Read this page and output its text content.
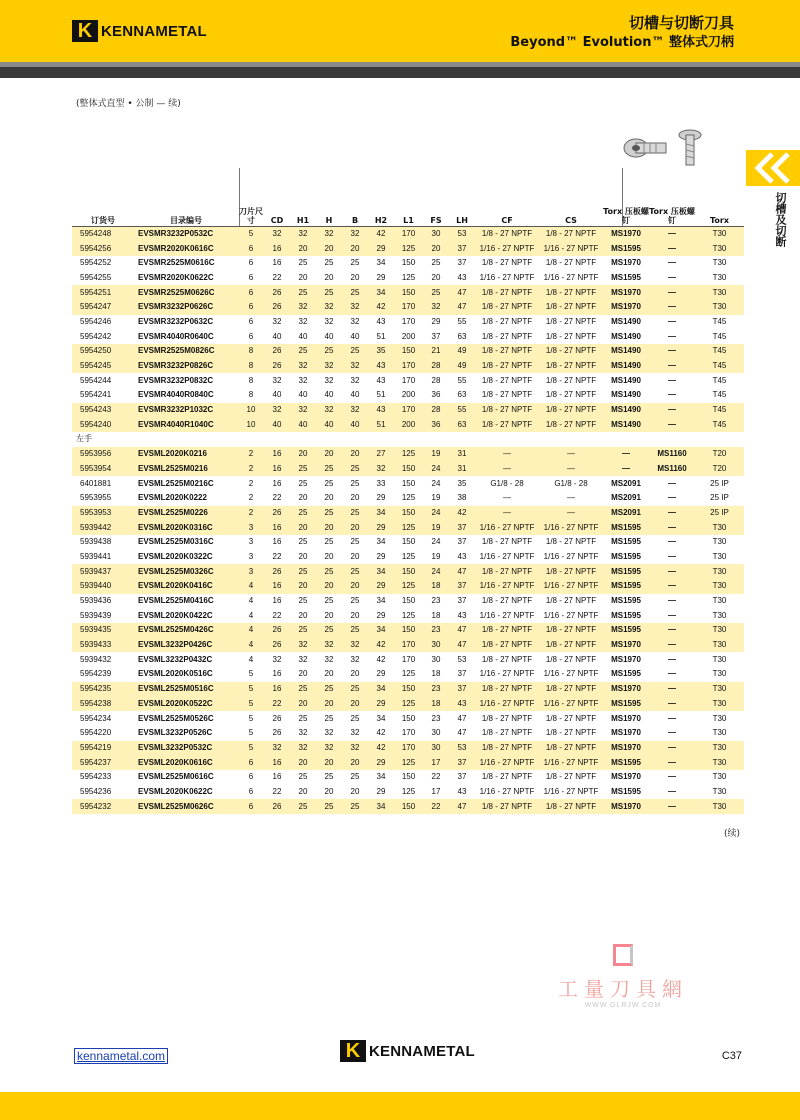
K KENNAMETAL	切槽与切断刀具
Beyond™ Evolution™ 整体式刀柄
(整体式直型 • 公制 — 续)
切槽及切断
订货号	目录编号	刀片尺寸	CD	H1	H	B	H2	L1	FS	LH	CF	CS	Torx 压板螺钉	Torx 压板螺钉	Torx
5954248	EVSMR3232P0532C	5	32	32	32	32	42	170	30	53	1/8 - 27 NPTF	1/8 - 27 NPTF	MS1970	—	T30
5954256	EVSMR2020K0616C	6	16	20	20	20	29	125	20	37	1/16 - 27 NPTF	1/16 - 27 NPTF	MS1595	—	T30
5954252	EVSMR2525M0616C	6	16	25	25	25	34	150	25	37	1/8 - 27 NPTF	1/8 - 27 NPTF	MS1970	—	T30
5954255	EVSMR2020K0622C	6	22	20	20	20	29	125	20	43	1/16 - 27 NPTF	1/16 - 27 NPTF	MS1595	—	T30
5954251	EVSMR2525M0626C	6	26	25	25	25	34	150	25	47	1/8 - 27 NPTF	1/8 - 27 NPTF	MS1970	—	T30
5954247	EVSMR3232P0626C	6	26	32	32	32	42	170	32	47	1/8 - 27 NPTF	1/8 - 27 NPTF	MS1970	—	T30
5954246	EVSMR3232P0632C	6	32	32	32	32	43	170	29	55	1/8 - 27 NPTF	1/8 - 27 NPTF	MS1490	—	T45
5954242	EVSMR4040R0640C	6	40	40	40	40	51	200	37	63	1/8 - 27 NPTF	1/8 - 27 NPTF	MS1490	—	T45
5954250	EVSMR2525M0826C	8	26	25	25	25	35	150	21	49	1/8 - 27 NPTF	1/8 - 27 NPTF	MS1490	—	T45
5954245	EVSMR3232P0826C	8	26	32	32	32	43	170	28	49	1/8 - 27 NPTF	1/8 - 27 NPTF	MS1490	—	T45
5954244	EVSMR3232P0832C	8	32	32	32	32	43	170	28	55	1/8 - 27 NPTF	1/8 - 27 NPTF	MS1490	—	T45
5954241	EVSMR4040R0840C	8	40	40	40	40	51	200	36	63	1/8 - 27 NPTF	1/8 - 27 NPTF	MS1490	—	T45
5954243	EVSMR3232P1032C	10	32	32	32	32	43	170	28	55	1/8 - 27 NPTF	1/8 - 27 NPTF	MS1490	—	T45
5954240	EVSMR4040R1040C	10	40	40	40	40	51	200	36	63	1/8 - 27 NPTF	1/8 - 27 NPTF	MS1490	—	T45
左手															
5953956	EVSML2020K0216	2	16	20	20	20	27	125	19	31	—	—	—	MS1160	T20
5953954	EVSML2525M0216	2	16	25	25	25	32	150	24	31	—	—	—	MS1160	T20
6401881	EVSML2525M0216C	2	16	25	25	25	33	150	24	35	G1/8 - 28	G1/8 - 28	MS2091	—	25 IP
5953955	EVSML2020K0222	2	22	20	20	20	29	125	19	38	—	—	MS2091	—	25 IP
5953953	EVSML2525M0226	2	26	25	25	25	34	150	24	42	—	—	MS2091	—	25 IP
5939442	EVSML2020K0316C	3	16	20	20	20	29	125	19	37	1/16 - 27 NPTF	1/16 - 27 NPTF	MS1595	—	T30
5939438	EVSML2525M0316C	3	16	25	25	25	34	150	24	37	1/8 - 27 NPTF	1/8 - 27 NPTF	MS1595	—	T30
5939441	EVSML2020K0322C	3	22	20	20	20	29	125	19	43	1/16 - 27 NPTF	1/16 - 27 NPTF	MS1595	—	T30
5939437	EVSML2525M0326C	3	26	25	25	25	34	150	24	47	1/8 - 27 NPTF	1/8 - 27 NPTF	MS1595	—	T30
5939440	EVSML2020K0416C	4	16	20	20	20	29	125	18	37	1/16 - 27 NPTF	1/16 - 27 NPTF	MS1595	—	T30
5939436	EVSML2525M0416C	4	16	25	25	25	34	150	23	37	1/8 - 27 NPTF	1/8 - 27 NPTF	MS1595	—	T30
5939439	EVSML2020K0422C	4	22	20	20	20	29	125	18	43	1/16 - 27 NPTF	1/16 - 27 NPTF	MS1595	—	T30
5939435	EVSML2525M0426C	4	26	25	25	25	34	150	23	47	1/8 - 27 NPTF	1/8 - 27 NPTF	MS1595	—	T30
5939433	EVSML3232P0426C	4	26	32	32	32	42	170	30	47	1/8 - 27 NPTF	1/8 - 27 NPTF	MS1970	—	T30
5939432	EVSML3232P0432C	4	32	32	32	32	42	170	30	53	1/8 - 27 NPTF	1/8 - 27 NPTF	MS1970	—	T30
5954239	EVSML2020K0516C	5	16	20	20	20	29	125	18	37	1/16 - 27 NPTF	1/16 - 27 NPTF	MS1595	—	T30
5954235	EVSML2525M0516C	5	16	25	25	25	34	150	23	37	1/8 - 27 NPTF	1/8 - 27 NPTF	MS1970	—	T30
5954238	EVSML2020K0522C	5	22	20	20	20	29	125	18	43	1/16 - 27 NPTF	1/16 - 27 NPTF	MS1595	—	T30
5954234	EVSML2525M0526C	5	26	25	25	25	34	150	23	47	1/8 - 27 NPTF	1/8 - 27 NPTF	MS1970	—	T30
5954220	EVSML3232P0526C	5	26	32	32	32	42	170	30	47	1/8 - 27 NPTF	1/8 - 27 NPTF	MS1970	—	T30
5954219	EVSML3232P0532C	5	32	32	32	32	42	170	30	53	1/8 - 27 NPTF	1/8 - 27 NPTF	MS1970	—	T30
5954237	EVSML2020K0616C	6	16	20	20	20	29	125	17	37	1/16 - 27 NPTF	1/16 - 27 NPTF	MS1595	—	T30
5954233	EVSML2525M0616C	6	16	25	25	25	34	150	22	37	1/8 - 27 NPTF	1/8 - 27 NPTF	MS1970	—	T30
5954236	EVSML2020K0622C	6	22	20	20	20	29	125	17	43	1/16 - 27 NPTF	1/16 - 27 NPTF	MS1595	—	T30
5954232	EVSML2525M0626C	6	26	25	25	25	34	150	22	47	1/8 - 27 NPTF	1/8 - 27 NPTF	MS1970	—	T30
(续)
工量刀具網
WWW.GLRJW.COM
kennametal.com	K KENNAMETAL	C37
